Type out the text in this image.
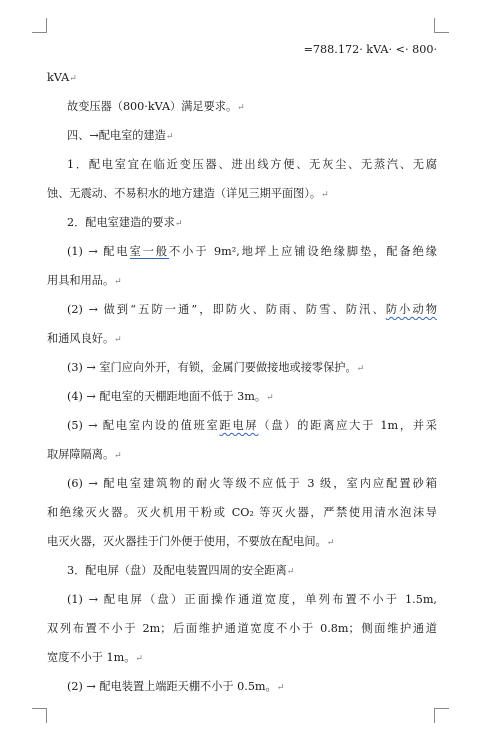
=788.172· kVA· <· 800·
kVA↵
故变压器（800·kVA）满足要求。↵
四、→配电室的建造↵
1．配电室宜在临近变压器、进出线方便、无灰尘、无蒸汽、无腐
蚀、无震动、不易积水的地方建造（详见三期平面图）。↵
2．配电室建造的要求↵
(1) → 配电室一般不小于 9m²,地坪上应铺设绝缘脚垫，配备绝缘
用具和用品。↵
(2) → 做到“五防一通”，即防火、防雨、防雪、防汛、防小动物
和通风良好。↵
(3) → 室门应向外开，有锁，金属门要做接地或接零保护。↵
(4) → 配电室的天棚距地面不低于 3m。↵
(5) → 配电室内设的值班室距电屏（盘）的距离应大于 1m，并采
取屏障隔离。↵
(6) → 配电室建筑物的耐火等级不应低于 3 级，室内应配置砂箱
和绝缘灭火器。灭火机用干粉或 CO₂ 等灭火器，严禁使用清水泡沫导
电灭火器，灭火器挂于门外便于使用，不要放在配电间。↵
3．配电屏（盘）及配电装置四周的安全距离↵
(1) → 配电屏（盘）正面操作通道宽度，单列布置不小于 1.5m,
双列布置不小于 2m；后面维护通道宽度不小于 0.8m；侧面维护通道
宽度不小于 1m。↵
(2) → 配电装置上端距天棚不小于 0.5m。↵
